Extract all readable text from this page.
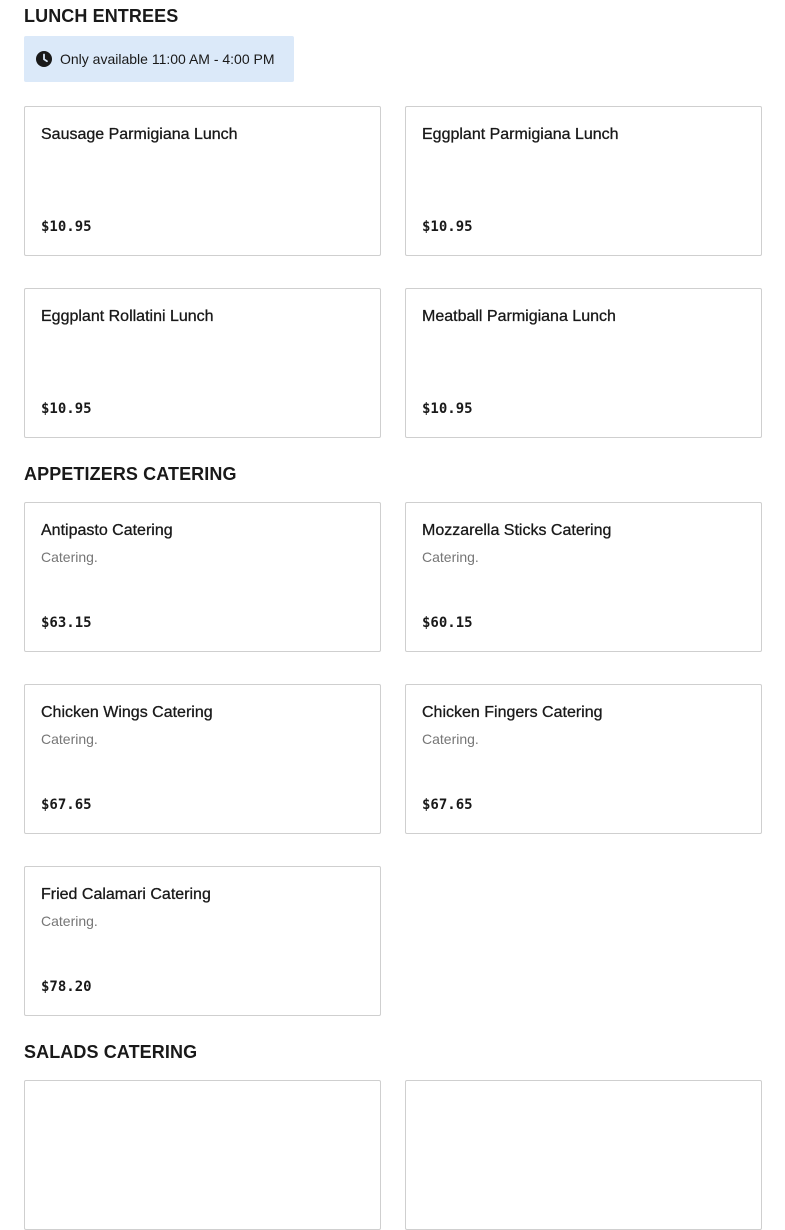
LUNCH ENTREES
Only available 11:00 AM - 4:00 PM
Sausage Parmigiana Lunch
$10.95
Eggplant Parmigiana Lunch
$10.95
Eggplant Rollatini Lunch
$10.95
Meatball Parmigiana Lunch
$10.95
APPETIZERS CATERING
Antipasto Catering
Catering.
$63.15
Mozzarella Sticks Catering
Catering.
$60.15
Chicken Wings Catering
Catering.
$67.65
Chicken Fingers Catering
Catering.
$67.65
Fried Calamari Catering
Catering.
$78.20
SALADS CATERING
